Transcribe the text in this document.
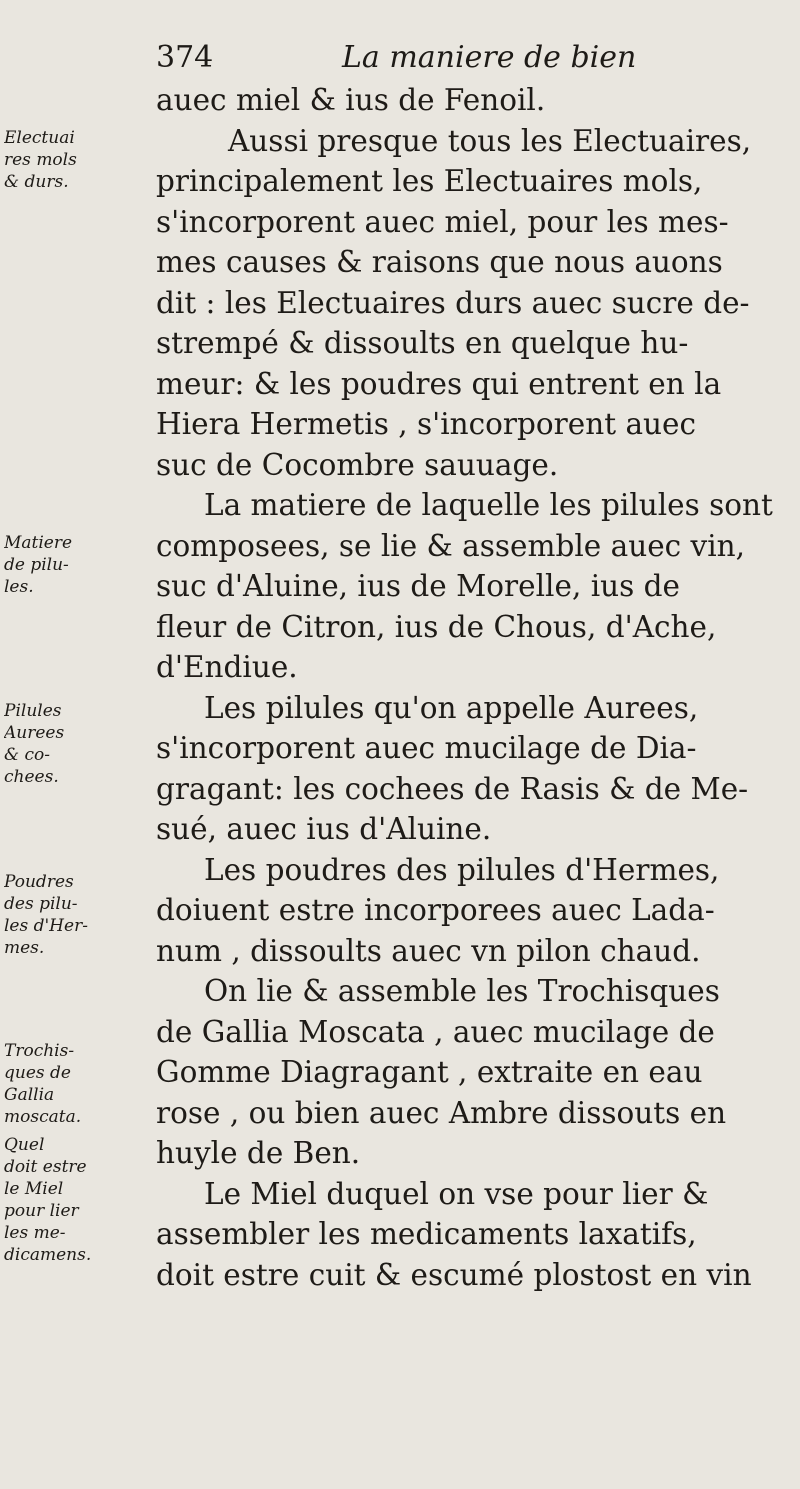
374	La maniere de bien
auec miel & ius de Fenoil.
Aussi presque tous les Electuaires,
principalement les Electuaires mols,
s'incorporent auec miel, pour les mes-
mes causes & raisons que nous auons
dit : les Electuaires durs auec sucre de-
strempé & dissoults en quelque hu-
meur: & les poudres qui entrent en la
Hiera Hermetis , s'incorporent auec
suc de Cocombre sauuage.
La matiere de laquelle les pilules sont
composees, se lie & assemble auec vin,
suc d'Aluine, ius de Morelle, ius de
fleur de Citron, ius de Chous, d'Ache,
d'Endiue.
Les pilules qu'on appelle Aurees,
s'incorporent auec mucilage de Dia-
gragant: les cochees de Rasis & de Me-
sué, auec ius d'Aluine.
Les poudres des pilules d'Hermes,
doiuent estre incorporees auec Lada-
num , dissoults auec vn pilon chaud.
On lie & assemble les Trochisques
de Gallia Moscata , auec mucilage de
Gomme Diagragant , extraite en eau
rose , ou bien auec Ambre dissouts en
huyle de Ben.
Le Miel duquel on vse pour lier &
assembler les medicaments laxatifs,
doit estre cuit & escumé plostost en vin
Electuai
res mols
& durs.
Matiere
de pilu-
les.
Pilules
Aurees
& co-
chees.
Poudres
des pilu-
les d'Her-
mes.
Trochis-
ques de
Gallia
moscata.
Quel
doit estre
le Miel
pour lier
les me-
dicamens.
